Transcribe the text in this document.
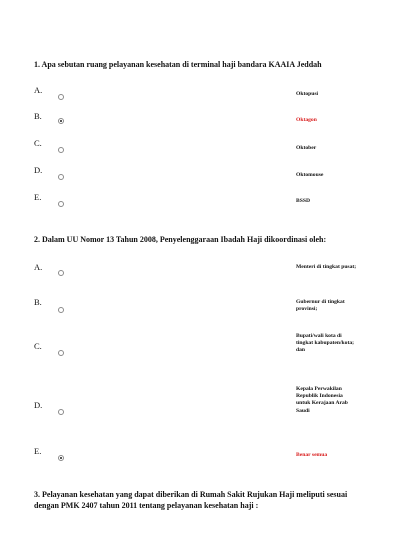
1. Apa sebutan ruang pelayanan kesehatan di terminal haji bandara KAAIA Jeddah
A.	Oktopusi
B.	Oktagon
C.	Oktober
D.	Oktomouse
E.	BSSD
2. Dalam UU Nomor 13 Tahun 2008, Penyelenggaraan Ibadah Haji dikoordinasi oleh:
A.	Menteri di tingkat pusat;
B.	Gubernur di tingkat provinsi;
C.
Bupati/wali kota di tingkat kabupaten/kota; dan
D.
Kepala Perwakilan Republik Indonesia untuk Kerajaan Arab Saudi
E.	Benar semua
3. Pelayanan kesehatan yang dapat diberikan di Rumah Sakit Rujukan Haji meliputi sesuai dengan PMK 2407 tahun 2011 tentang pelayanan kesehatan haji :
